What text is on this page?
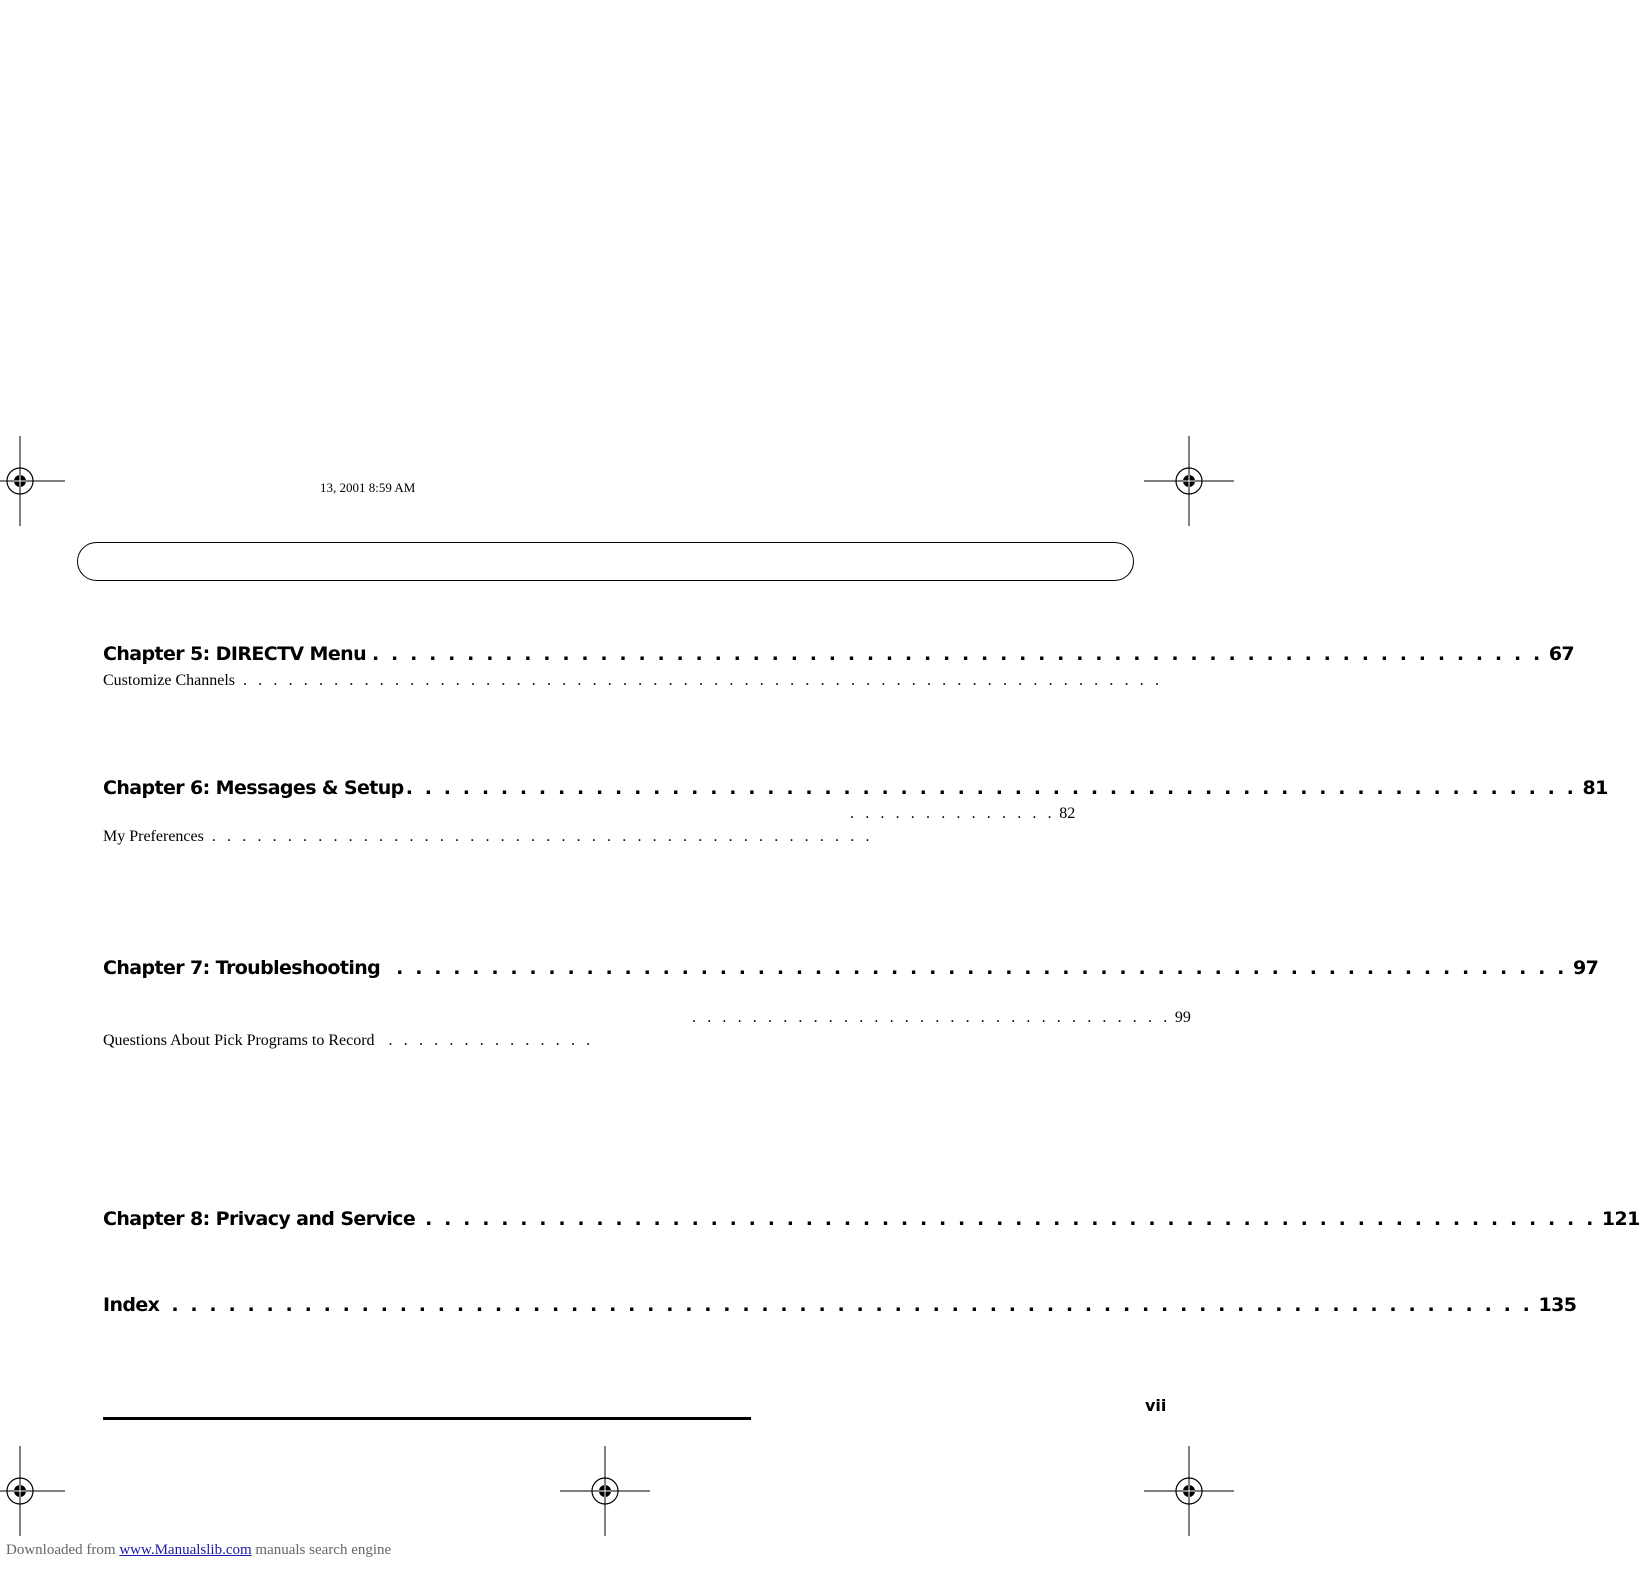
13, 2001 8:59 AM
Chapter 5: DIRECTV Menu . . . . . . . . . . . . . . . . . . . . . . . . . . . . . . . . . . . . . . . . . . . . . . . . . . . . . . . . . . . . . . 67
Customize Channels . . . . . . . . . . . . . . . . . . . . . . . . . . . . . . . . . . . . . . . . . . . . . . . . . . . . . . . . . . . . .
Chapter 6: Messages & Setup . . . . . . . . . . . . . . . . . . . . . . . . . . . . . . . . . . . . . . . . . . . . . . . . . . . . . . . . . . . . . . 81
. . . . . . . . . . . . . . 82
My Preferences . . . . . . . . . . . . . . . . . . . . . . . . . . . . . . . . . . . . . . . . . . . .
Chapter 7: Troubleshooting . . . . . . . . . . . . . . . . . . . . . . . . . . . . . . . . . . . . . . . . . . . . . . . . . . . . . . . . . . . . . . 97
. . . . . . . . . . . . . . . . . . . . . . . . . . . . . . . . 99
Questions About Pick Programs to Record . . . . . . . . . . . . . .
Chapter 8: Privacy and Service . . . . . . . . . . . . . . . . . . . . . . . . . . . . . . . . . . . . . . . . . . . . . . . . . . . . . . . . . . . . . . 121
Index . . . . . . . . . . . . . . . . . . . . . . . . . . . . . . . . . . . . . . . . . . . . . . . . . . . . . . . . . . . . . . . . . . . . . . . . 135
vii
Downloaded from www.Manualslib.com manuals search engine
